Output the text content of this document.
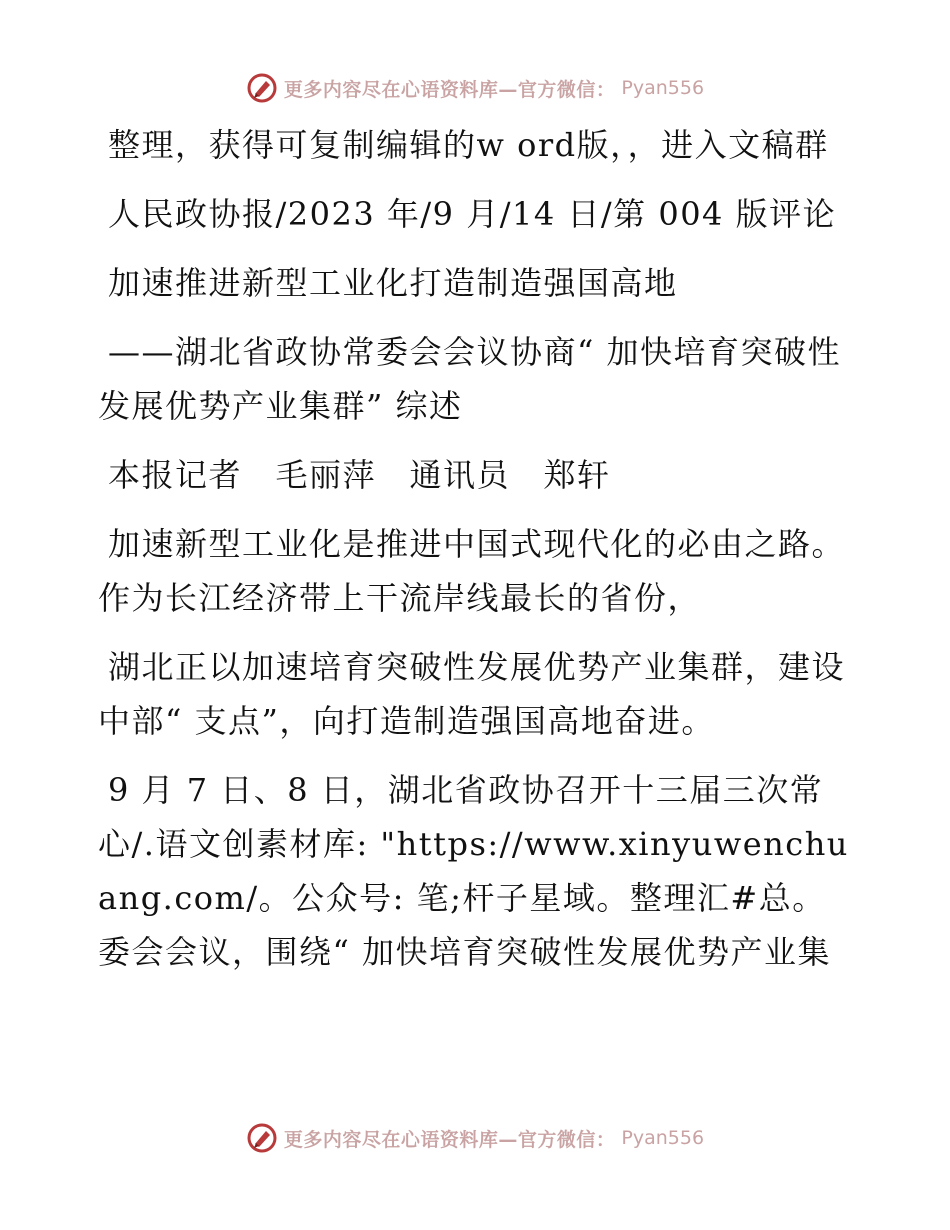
更多内容尽在心语资料库—官方微信： Pyan556

整理，获得可复制编辑的w ord版，，进入文稿群

人民政协报/2023 年/9 月/14 日/第 004 版评论

加速推进新型工业化打造制造强国高地

——湖北省政协常委会会议协商“ 加快培育突破性发展优势产业集群” 综述

本报记者　毛丽萍　通讯员　郑轩

加速新型工业化是推进中国式现代化的必由之路。作为长江经济带上干流岸线最长的省份，

湖北正以加速培育突破性发展优势产业集群，建设中部“ 支点”，向打造制造强国高地奋进。

9 月 7 日、8 日，湖北省政协召开十三届三次常心/.语文创素材库: "https://www.xinyuwenchuang.com/。公众号: 笔;杆子星域。整理汇#总。委会会议，围绕“ 加快培育突破性发展优势产业集

更多内容尽在心语资料库—官方微信： Pyan556
